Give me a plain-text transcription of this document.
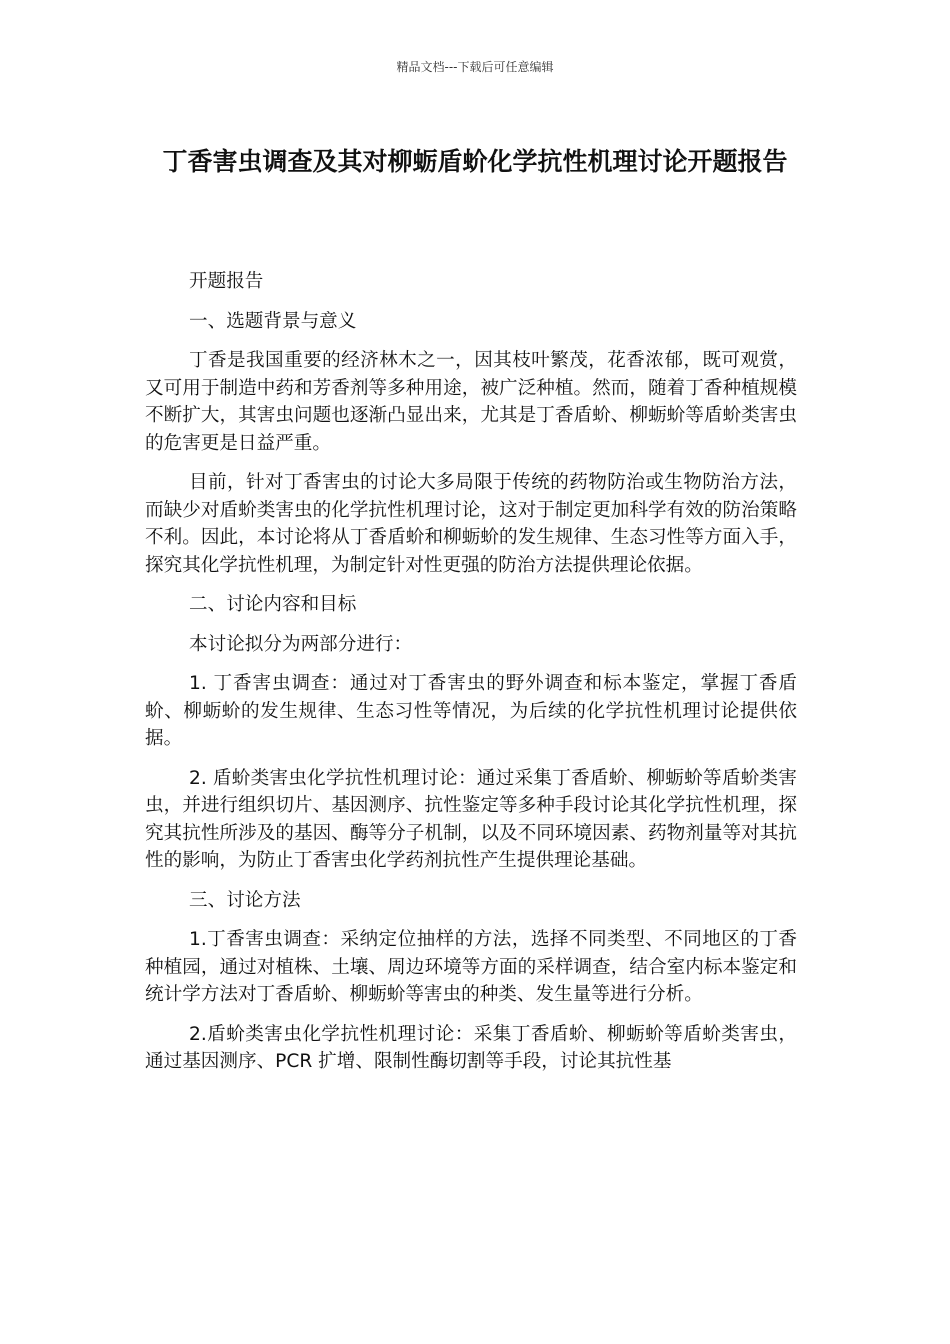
精品文档---下载后可任意编辑
丁香害虫调查及其对柳蛎盾蚧化学抗性机理讨论开题报告

开题报告

一、选题背景与意义

丁香是我国重要的经济林木之一，因其枝叶繁茂，花香浓郁，既可观赏，又可用于制造中药和芳香剂等多种用途，被广泛种植。然而，随着丁香种植规模不断扩大，其害虫问题也逐渐凸显出来，尤其是丁香盾蚧、柳蛎蚧等盾蚧类害虫的危害更是日益严重。

目前，针对丁香害虫的讨论大多局限于传统的药物防治或生物防治方法，而缺少对盾蚧类害虫的化学抗性机理讨论，这对于制定更加科学有效的防治策略不利。因此，本讨论将从丁香盾蚧和柳蛎蚧的发生规律、生态习性等方面入手，探究其化学抗性机理，为制定针对性更强的防治方法提供理论依据。

二、讨论内容和目标

本讨论拟分为两部分进行：

1. 丁香害虫调查：通过对丁香害虫的野外调查和标本鉴定，掌握丁香盾蚧、柳蛎蚧的发生规律、生态习性等情况，为后续的化学抗性机理讨论提供依据。

2. 盾蚧类害虫化学抗性机理讨论：通过采集丁香盾蚧、柳蛎蚧等盾蚧类害虫，并进行组织切片、基因测序、抗性鉴定等多种手段讨论其化学抗性机理，探究其抗性所涉及的基因、酶等分子机制，以及不同环境因素、药物剂量等对其抗性的影响，为防止丁香害虫化学药剂抗性产生提供理论基础。

三、讨论方法

1.丁香害虫调查：采纳定位抽样的方法，选择不同类型、不同地区的丁香种植园，通过对植株、土壤、周边环境等方面的采样调查，结合室内标本鉴定和统计学方法对丁香盾蚧、柳蛎蚧等害虫的种类、发生量等进行分析。

2.盾蚧类害虫化学抗性机理讨论：采集丁香盾蚧、柳蛎蚧等盾蚧类害虫，通过基因测序、PCR 扩增、限制性酶切割等手段，讨论其抗性基
